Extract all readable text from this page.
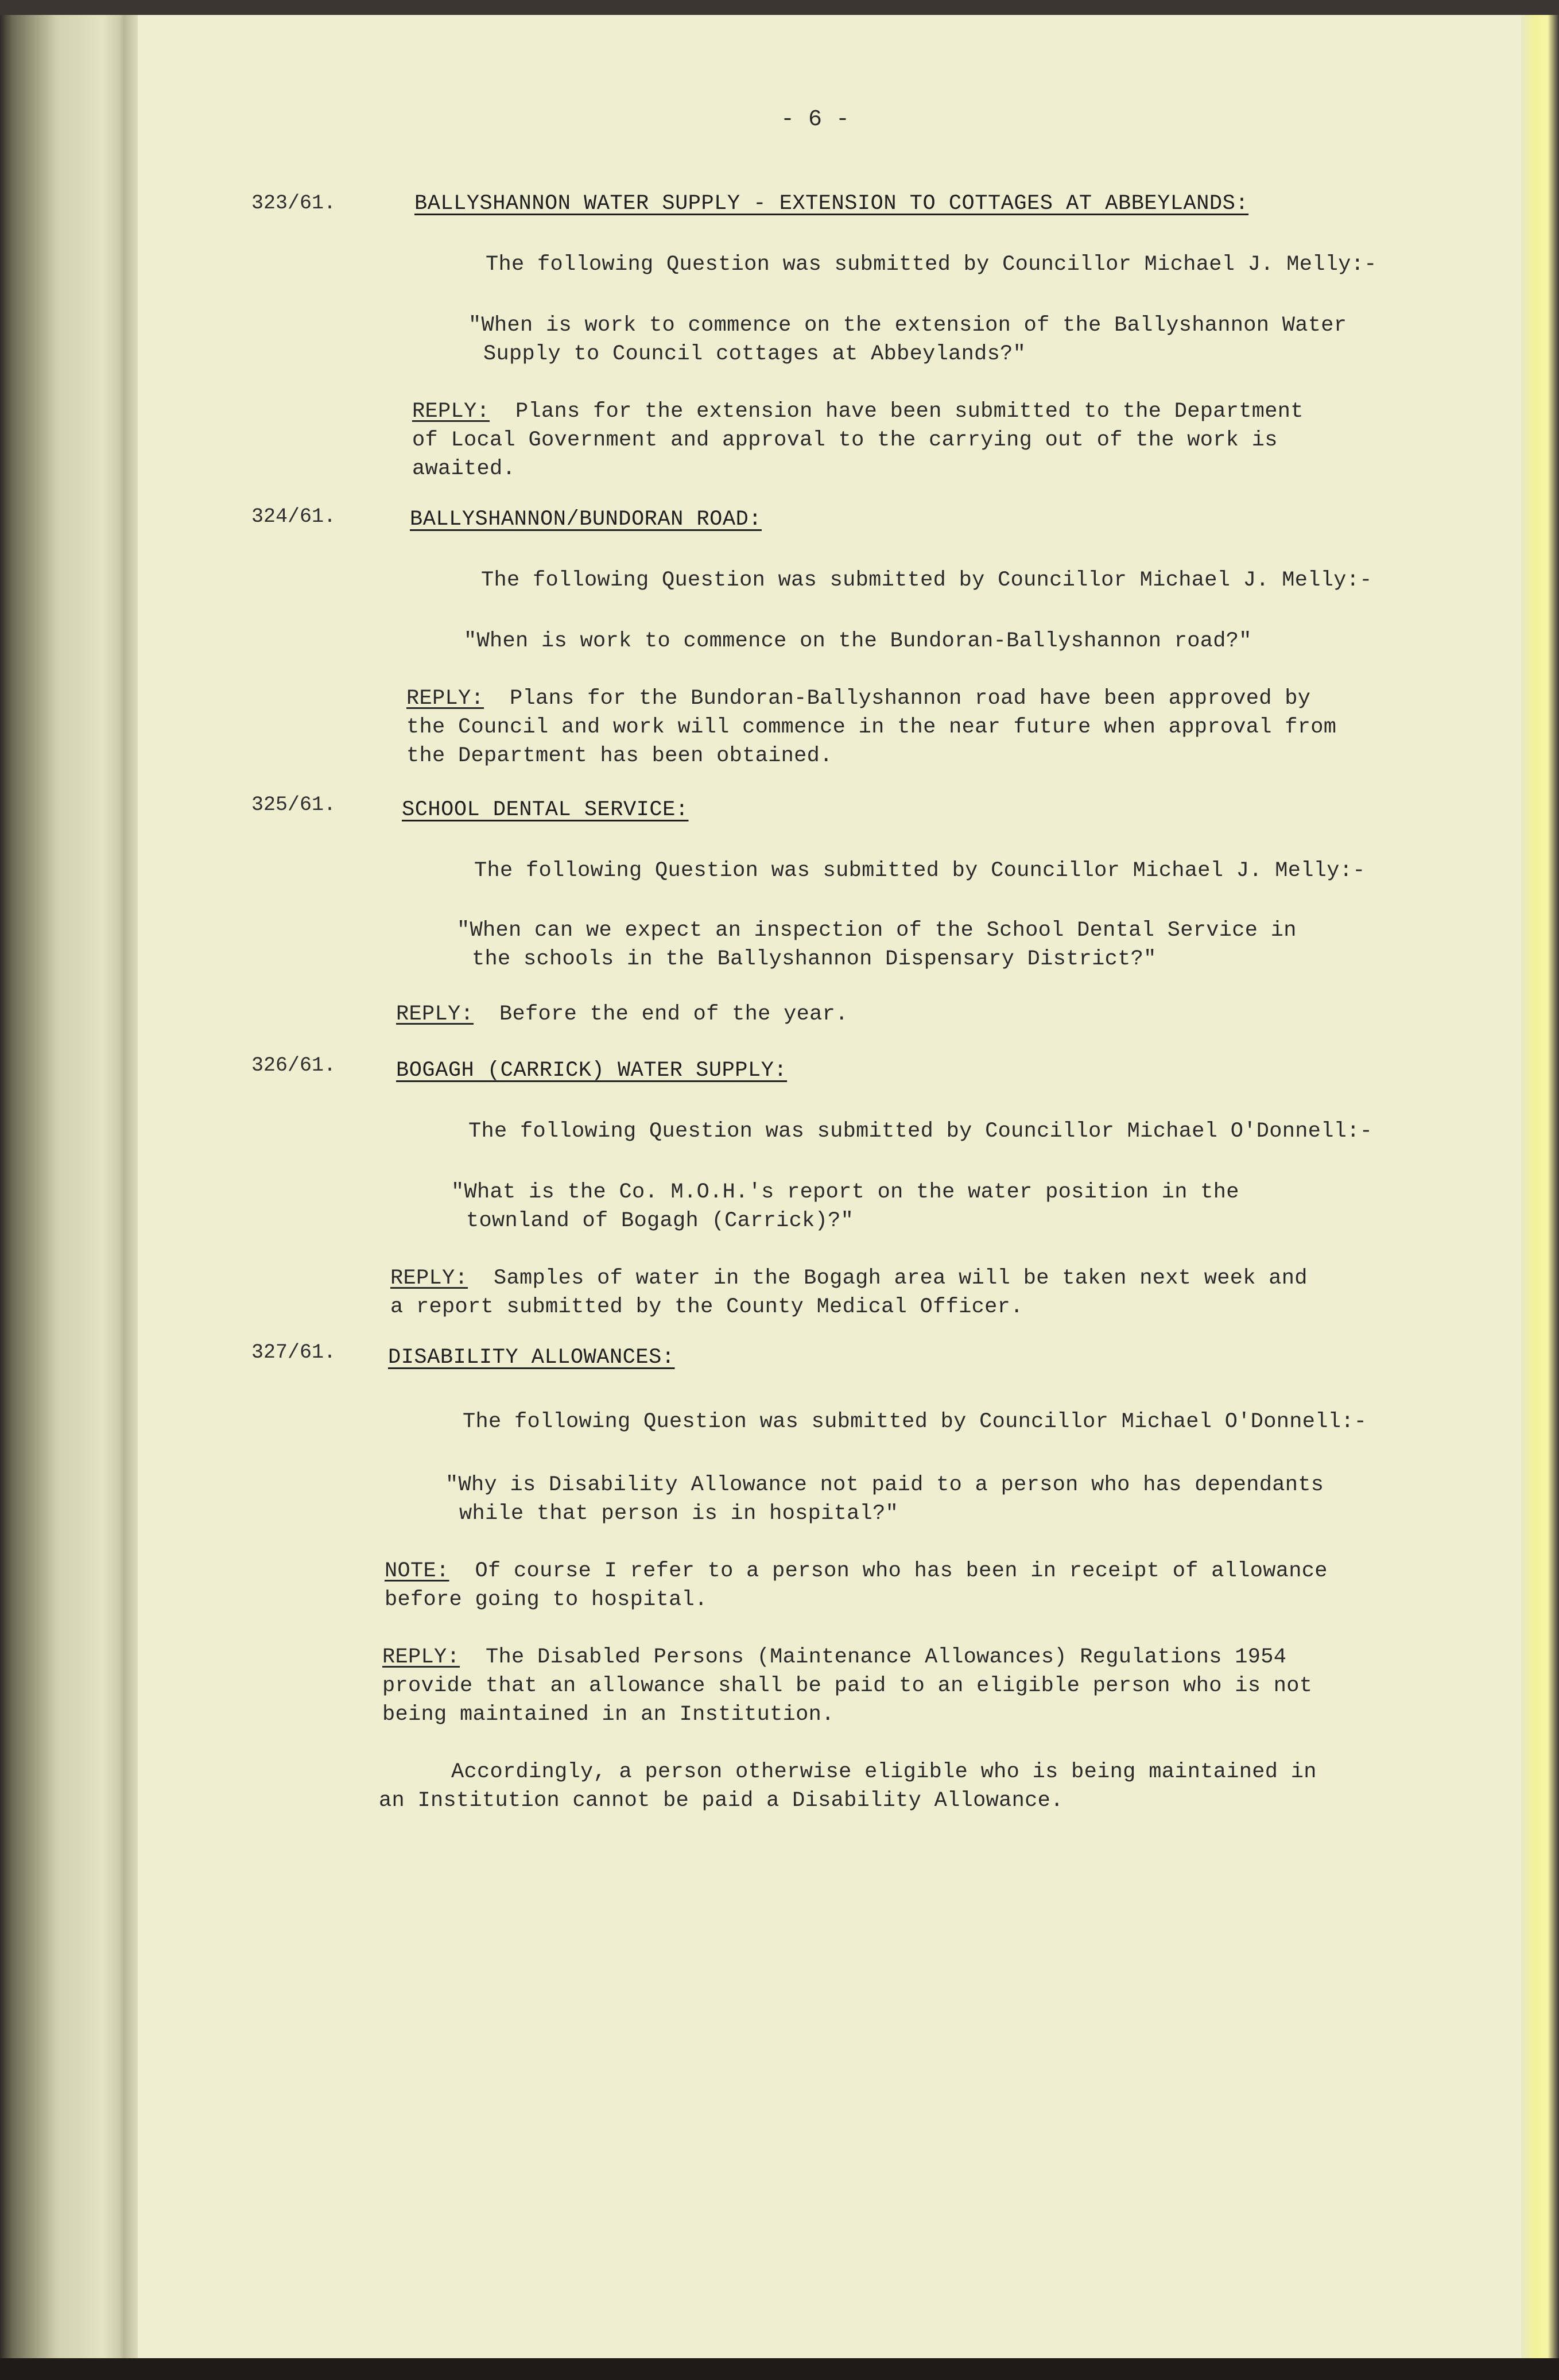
- 6 -
323/61.	BALLYSHANNON WATER SUPPLY - EXTENSION TO COTTAGES AT ABBEYLANDS:
The following Question was submitted by Councillor Michael J. Melly:-
"When is work to commence on the extension of the Ballyshannon Water
Supply to Council cottages at Abbeylands?"
REPLY: Plans for the extension have been submitted to the Department
of Local Government and approval to the carrying out of the work is
awaited.
324/61.	BALLYSHANNON/BUNDORAN ROAD:
The following Question was submitted by Councillor Michael J. Melly:-
"When is work to commence on the Bundoran-Ballyshannon road?"
REPLY: Plans for the Bundoran-Ballyshannon road have been approved by
the Council and work will commence in the near future when approval from
the Department has been obtained.
325/61.	SCHOOL DENTAL SERVICE:
The following Question was submitted by Councillor Michael J. Melly:-
"When can we expect an inspection of the School Dental Service in
the schools in the Ballyshannon Dispensary District?"
REPLY: Before the end of the year.
326/61.	BOGAGH (CARRICK) WATER SUPPLY:
The following Question was submitted by Councillor Michael O'Donnell:-
"What is the Co. M.O.H.'s report on the water position in the
townland of Bogagh (Carrick)?"
REPLY: Samples of water in the Bogagh area will be taken next week and
a report submitted by the County Medical Officer.
327/61.	DISABILITY ALLOWANCES:
The following Question was submitted by Councillor Michael O'Donnell:-
"Why is Disability Allowance not paid to a person who has dependants
while that person is in hospital?"
NOTE: Of course I refer to a person who has been in receipt of allowance
before going to hospital.
REPLY: The Disabled Persons (Maintenance Allowances) Regulations 1954
provide that an allowance shall be paid to an eligible person who is not
being maintained in an Institution.
Accordingly, a person otherwise eligible who is being maintained in
an Institution cannot be paid a Disability Allowance.
